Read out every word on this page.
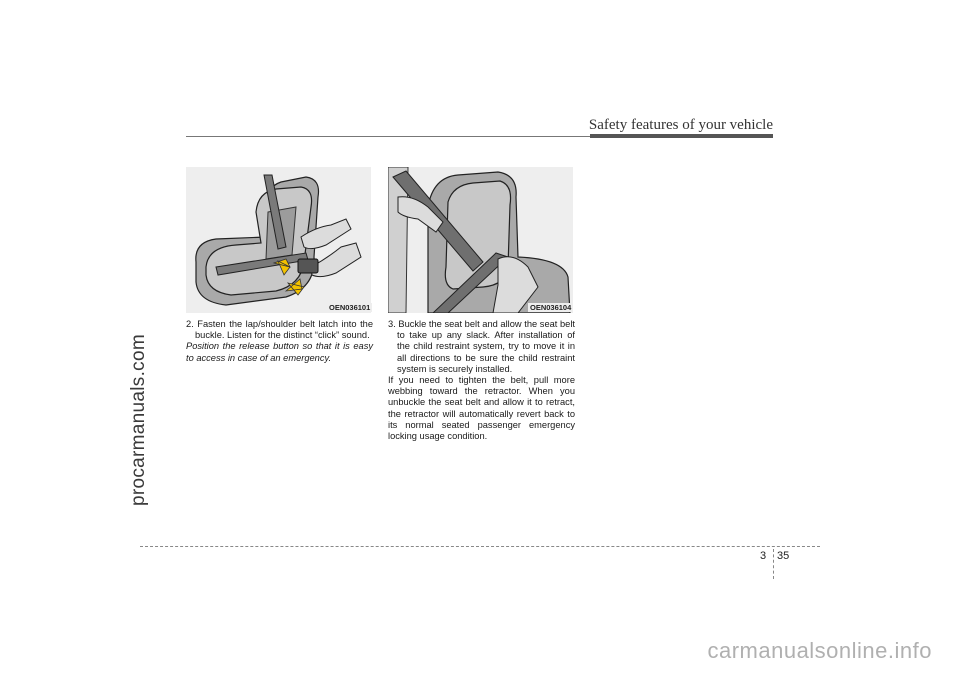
procarmanuals.com
Safety features of your vehicle
OEN036101	OEN036104

2. Fasten the lap/shoulder belt latch into the buckle. Listen for the distinct “click” sound.

Position the release button so that it is easy to access in case of an emergency.

3. Buckle the seat belt and allow the seat belt to take up any slack. After installation of the child restraint system, try to move it in all directions to be sure the child restraint system is securely installed.

If you need to tighten the belt, pull more webbing toward the retractor. When you unbuckle the seat belt and allow it to retract, the retractor will automatically revert back to its normal seated passenger emergency locking usage condition.

3 35
carmanualsonline.info
